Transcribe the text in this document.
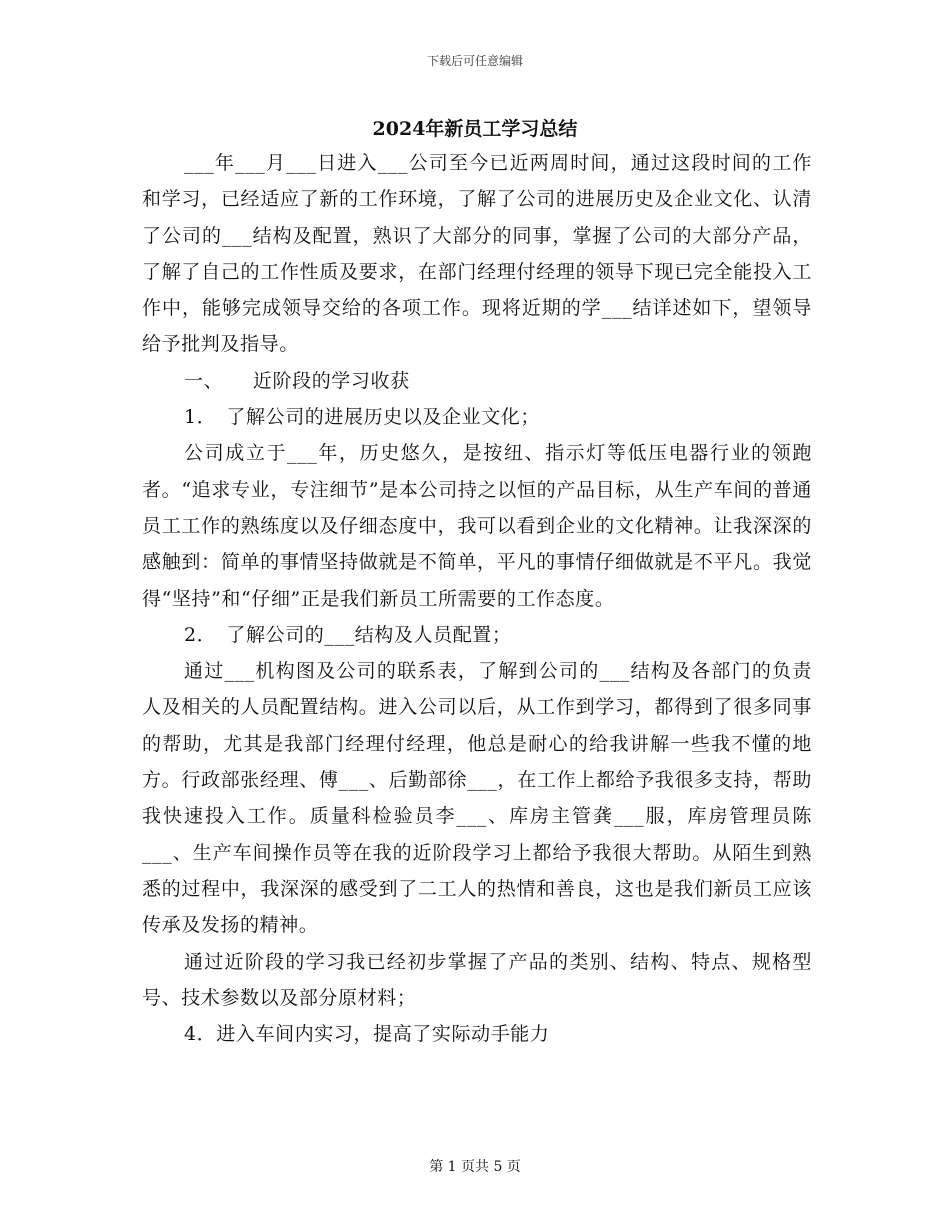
下载后可任意编辑
2024年新员工学习总结

___年___月___日进入___公司至今已近两周时间，通过这段时间的工作和学习，已经适应了新的工作环境，了解了公司的进展历史及企业文化、认清了公司的___结构及配置，熟识了大部分的同事，掌握了公司的大部分产品，了解了自己的工作性质及要求，在部门经理付经理的领导下现已完全能投入工作中，能够完成领导交给的各项工作。现将近期的学___结详述如下，望领导给予批判及指导。

一、　　近阶段的学习收获

1．　了解公司的进展历史以及企业文化；

公司成立于___年，历史悠久，是按纽、指示灯等低压电器行业的领跑者。“追求专业，专注细节”是本公司持之以恒的产品目标，从生产车间的普通员工工作的熟练度以及仔细态度中，我可以看到企业的文化精神。让我深深的感触到：简单的事情坚持做就是不简单，平凡的事情仔细做就是不平凡。我觉得“坚持”和“仔细”正是我们新员工所需要的工作态度。

2．　了解公司的___结构及人员配置；

通过___机构图及公司的联系表，了解到公司的___结构及各部门的负责人及相关的人员配置结构。进入公司以后，从工作到学习，都得到了很多同事的帮助，尤其是我部门经理付经理，他总是耐心的给我讲解一些我不懂的地方。行政部张经理、傅___、后勤部徐___，在工作上都给予我很多支持，帮助我快速投入工作。质量科检验员李___、库房主管龚___服，库房管理员陈___、生产车间操作员等在我的近阶段学习上都给予我很大帮助。从陌生到熟悉的过程中，我深深的感受到了二工人的热情和善良，这也是我们新员工应该传承及发扬的精神。

通过近阶段的学习我已经初步掌握了产品的类别、结构、特点、规格型号、技术参数以及部分原材料；

4．进入车间内实习，提高了实际动手能力

第 1 页共 5 页
